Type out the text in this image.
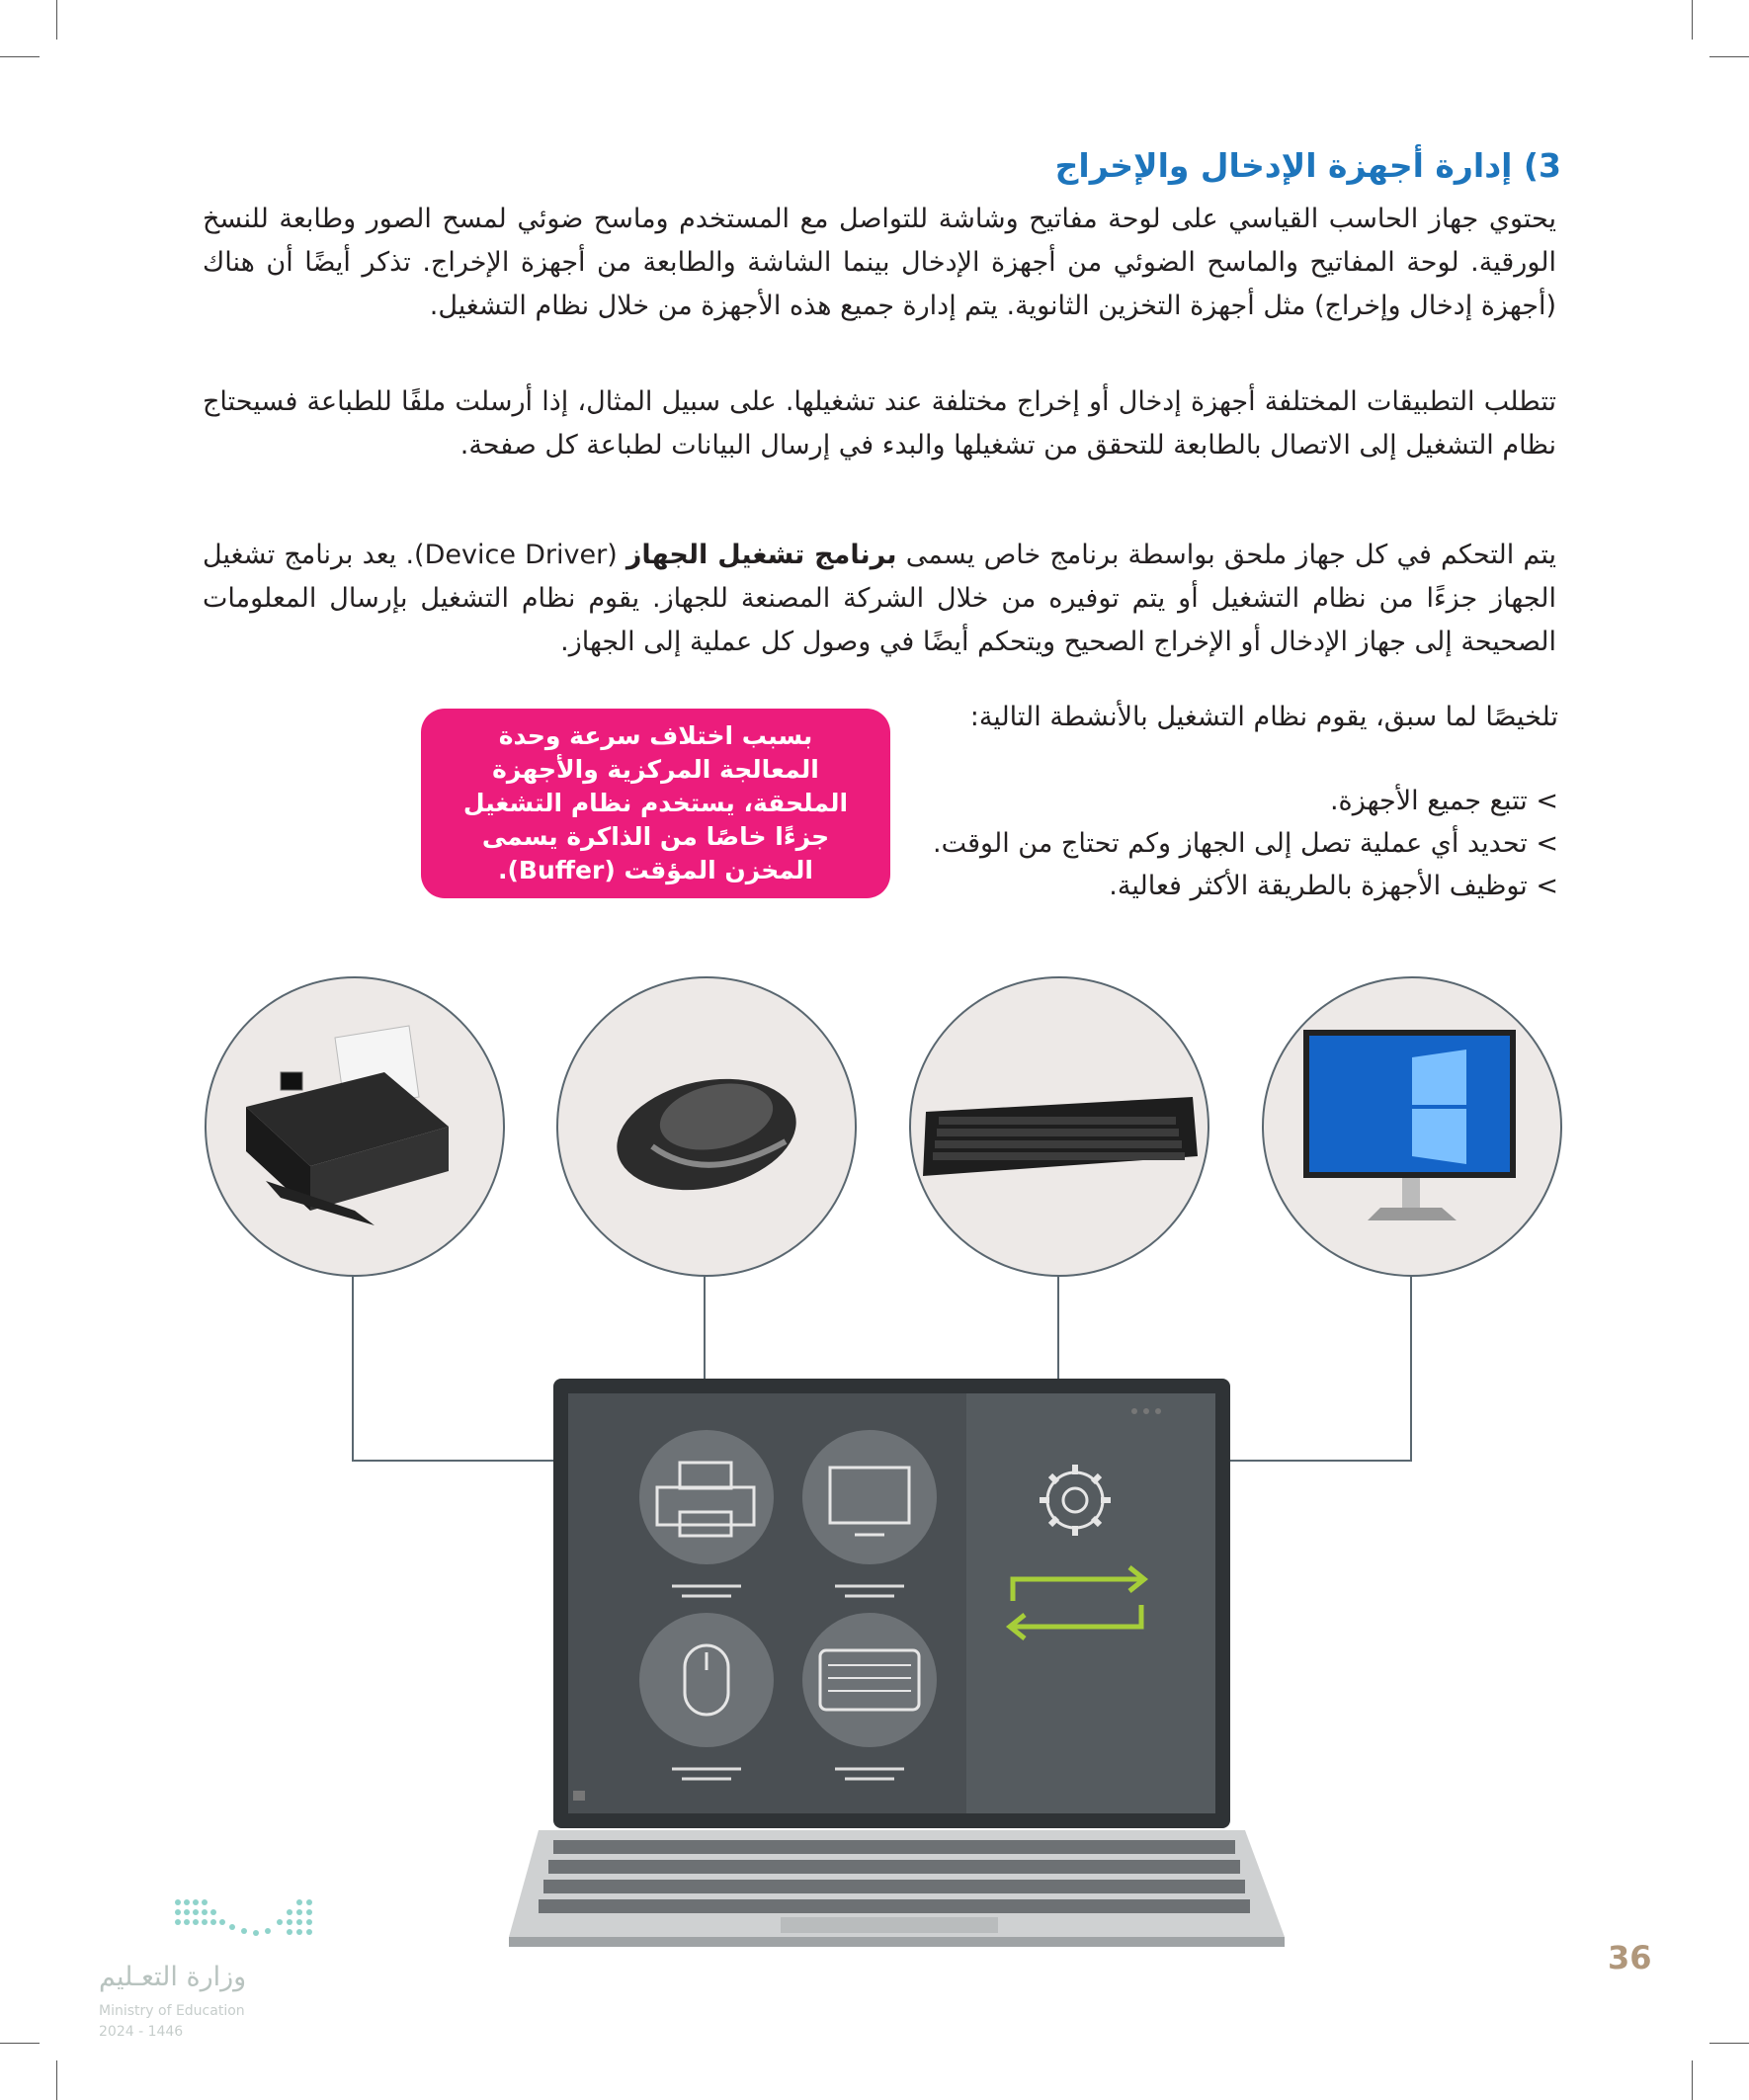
3) إدارة أجهزة الإدخال والإخراج

يحتوي جهاز الحاسب القياسي على لوحة مفاتيح وشاشة للتواصل مع المستخدم وماسح ضوئي لمسح الصور وطابعة للنسخ الورقية. لوحة المفاتيح والماسح الضوئي من أجهزة الإدخال بينما الشاشة والطابعة من أجهزة الإخراج. تذكر أيضًا أن هناك (أجهزة إدخال وإخراج) مثل أجهزة التخزين الثانوية. يتم إدارة جميع هذه الأجهزة من خلال نظام التشغيل.

تتطلب التطبيقات المختلفة أجهزة إدخال أو إخراج مختلفة عند تشغيلها. على سبيل المثال، إذا أرسلت ملفًا للطباعة فسيحتاج نظام التشغيل إلى الاتصال بالطابعة للتحقق من تشغيلها والبدء في إرسال البيانات لطباعة كل صفحة.

يتم التحكم في كل جهاز ملحق بواسطة برنامج خاص يسمى برنامج تشغيل الجهاز (Device Driver). يعد برنامج تشغيل الجهاز جزءًا من نظام التشغيل أو يتم توفيره من خلال الشركة المصنعة للجهاز. يقوم نظام التشغيل بإرسال المعلومات الصحيحة إلى جهاز الإدخال أو الإخراج الصحيح ويتحكم أيضًا في وصول كل عملية إلى الجهاز.

تلخيصًا لما سبق، يقوم نظام التشغيل بالأنشطة التالية:

> تتبع جميع الأجهزة.

> تحديد أي عملية تصل إلى الجهاز وكم تحتاج من الوقت.

> توظيف الأجهزة بالطريقة الأكثر فعالية.

بسبب اختلاف سرعة وحدة المعالجة المركزية والأجهزة الملحقة، يستخدم نظام التشغيل جزءًا خاصًا من الذاكرة يسمى المخزن المؤقت (Buffer).

36
وزارة التعـليم
Ministry of Education
2024 - 1446
